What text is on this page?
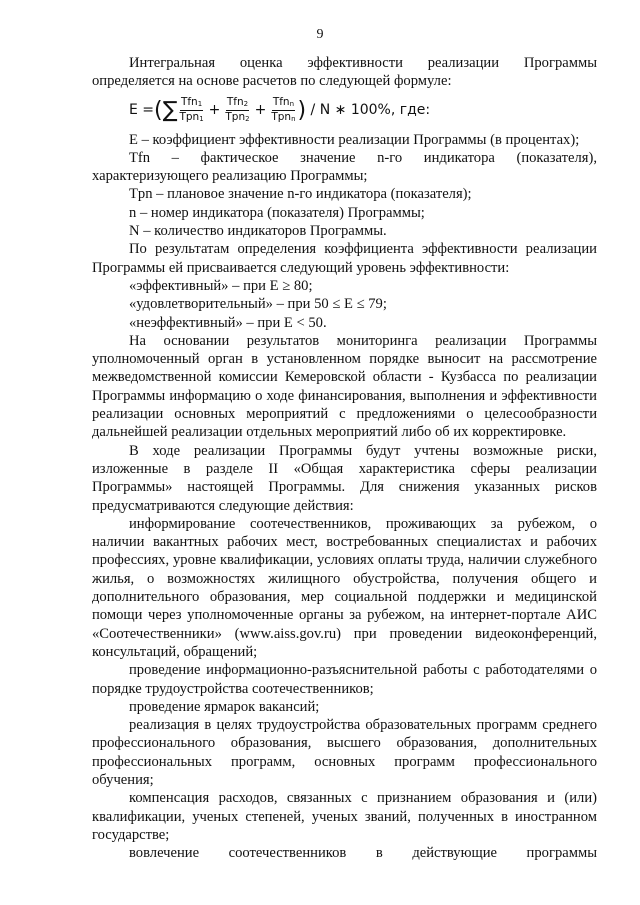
9

Интегральная оценка эффективности реализации Программы определяется на основе расчетов по следующей формуле:

E = ( ∑ $\frac{Tfn_1}{Tpn_1} + \frac{Tfn_2}{Tpn_2} + \frac{Tfn_n}{Tpn_n}$ ) / N ∗ 100%, где:

E – коэффициент эффективности реализации Программы (в процентах);

Tfn – фактическое значение n-го индикатора (показателя), характеризующего реализацию Программы;

Tpn – плановое значение n-го индикатора (показателя);

n – номер индикатора (показателя) Программы;

N – количество индикаторов Программы.

По результатам определения коэффициента эффективности реализации Программы ей присваивается следующий уровень эффективности:

«эффективный» – при E ≥ 80;

«удовлетворительный» – при 50 ≤ E ≤ 79;

«неэффективный» – при E < 50.

На основании результатов мониторинга реализации Программы уполномоченный орган в установленном порядке выносит на рассмотрение межведомственной комиссии Кемеровской области - Кузбасса по реализации Программы информацию о ходе финансирования, выполнения и эффективности реализации основных мероприятий с предложениями о целесообразности дальнейшей реализации отдельных мероприятий либо об их корректировке.

В ходе реализации Программы будут учтены возможные риски, изложенные в разделе II «Общая характеристика сферы реализации Программы» настоящей Программы. Для снижения указанных рисков предусматриваются следующие действия:

информирование соотечественников, проживающих за рубежом, о наличии вакантных рабочих мест, востребованных специалистах и рабочих профессиях, уровне квалификации, условиях оплаты труда, наличии служебного жилья, о возможностях жилищного обустройства, получения общего и дополнительного образования, мер социальной поддержки и медицинской помощи через уполномоченные органы за рубежом, на интернет-портале АИС «Соотечественники» (www.aiss.gov.ru) при проведении видеоконференций, консультаций, обращений;

проведение информационно-разъяснительной работы с работодателями о порядке трудоустройства соотечественников;

проведение ярмарок вакансий;

реализация в целях трудоустройства образовательных программ среднего профессионального образования, высшего образования, дополнительных профессиональных программ, основных программ профессионального обучения;

компенсация расходов, связанных с признанием образования и (или) квалификации, ученых степеней, ученых званий, полученных в иностранном государстве;

вовлечение соотечественников в действующие программы
